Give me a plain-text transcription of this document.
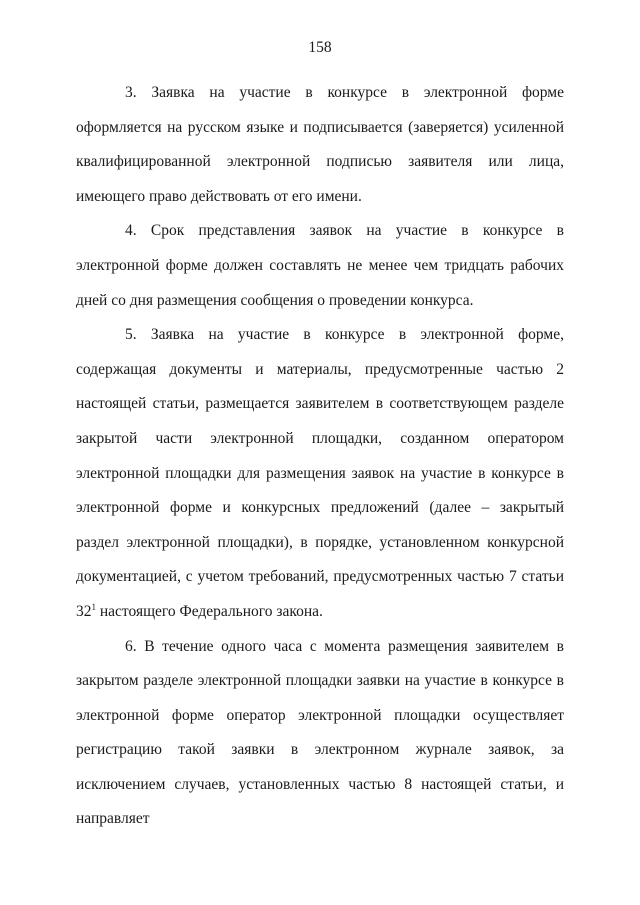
158

3. Заявка на участие в конкурсе в электронной форме оформляется на русском языке и подписывается (заверяется) усиленной квалифицированной электронной подписью заявителя или лица, имеющего право действовать от его имени.

4. Срок представления заявок на участие в конкурсе в электронной форме должен составлять не менее чем тридцать рабочих дней со дня размещения сообщения о проведении конкурса.

5. Заявка на участие в конкурсе в электронной форме, содержащая документы и материалы, предусмотренные частью 2 настоящей статьи, размещается заявителем в соответствующем разделе закрытой части электронной площадки, созданном оператором электронной площадки для размещения заявок на участие в конкурсе в электронной форме и конкурсных предложений (далее – закрытый раздел электронной площадки), в порядке, установленном конкурсной документацией, с учетом требований, предусмотренных частью 7 статьи $32^1$ настоящего Федерального закона.

6. В течение одного часа с момента размещения заявителем в закрытом разделе электронной площадки заявки на участие в конкурсе в электронной форме оператор электронной площадки осуществляет регистрацию такой заявки в электронном журнале заявок, за исключением случаев, установленных частью 8 настоящей статьи, и направляет
